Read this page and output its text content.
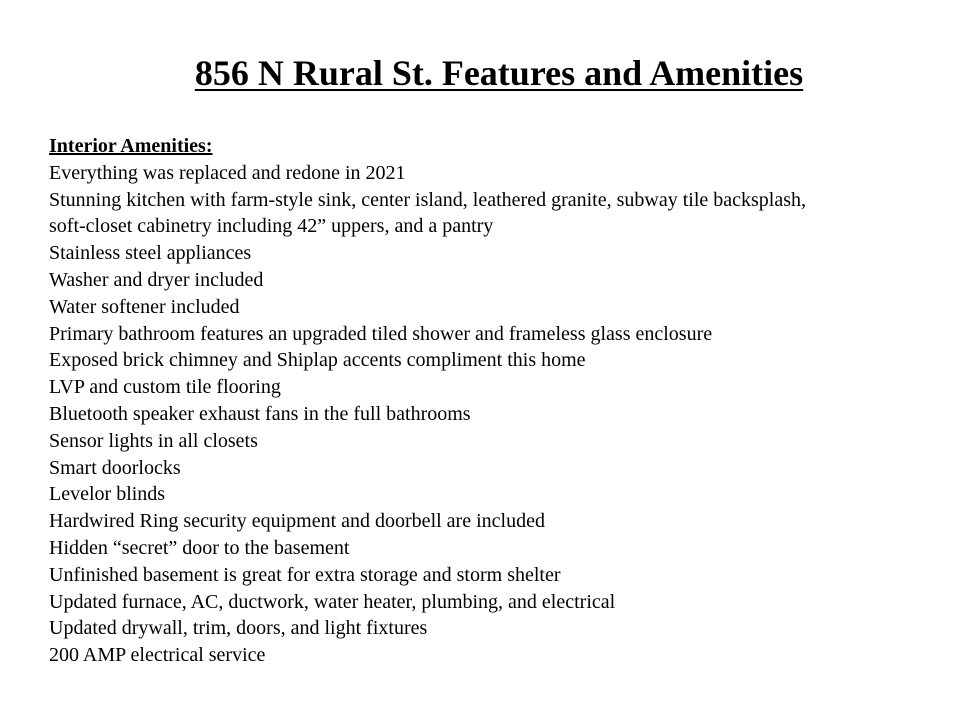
856 N Rural St. Features and Amenities
Interior Amenities:
Everything was replaced and redone in 2021
Stunning kitchen with farm-style sink, center island, leathered granite, subway tile backsplash,
soft-closet cabinetry including 42” uppers, and a pantry
Stainless steel appliances
Washer and dryer included
Water softener included
Primary bathroom features an upgraded tiled shower and frameless glass enclosure
Exposed brick chimney and Shiplap accents compliment this home
LVP and custom tile flooring
Bluetooth speaker exhaust fans in the full bathrooms
Sensor lights in all closets
Smart doorlocks
Levelor blinds
Hardwired Ring security equipment and doorbell are included
Hidden “secret” door to the basement
Unfinished basement is great for extra storage and storm shelter
Updated furnace, AC, ductwork, water heater, plumbing, and electrical
Updated drywall, trim, doors, and light fixtures
200 AMP electrical service
